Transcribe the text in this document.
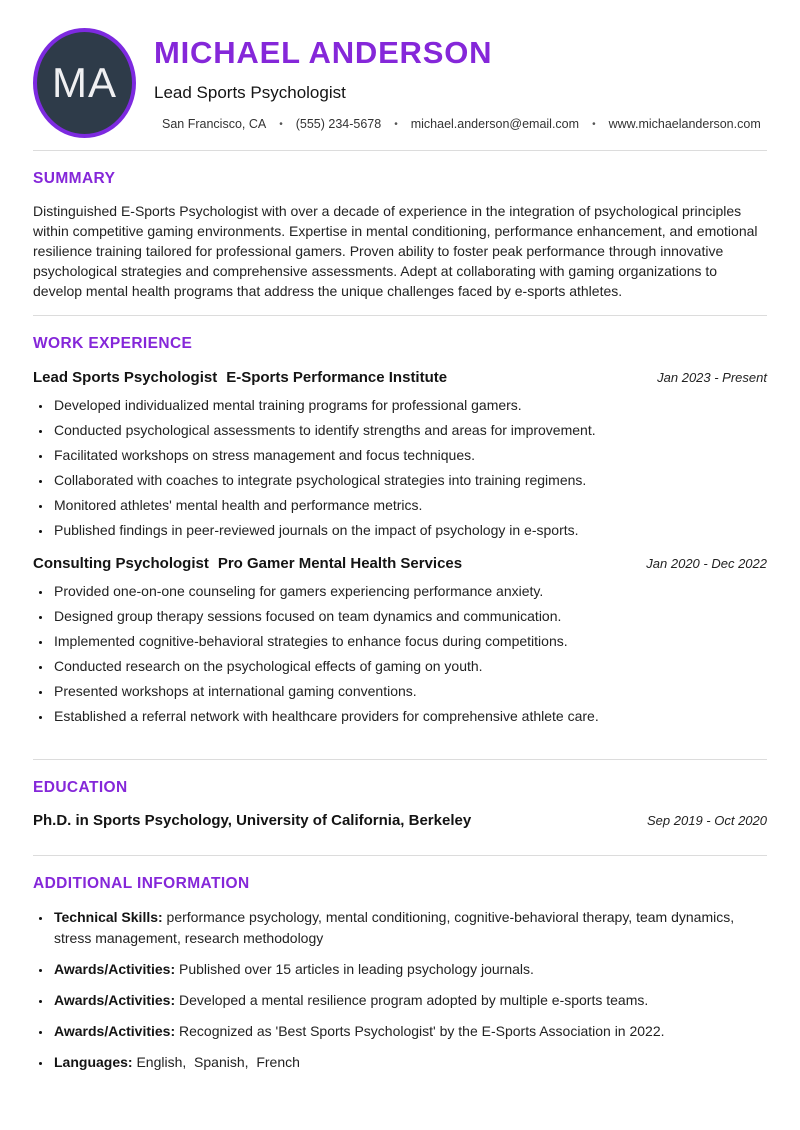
MA
MICHAEL ANDERSON
Lead Sports Psychologist
San Francisco, CA • (555) 234-5678 • michael.anderson@email.com • www.michaelanderson.com
SUMMARY

Distinguished E-Sports Psychologist with over a decade of experience in the integration of psychological principles within competitive gaming environments. Expertise in mental conditioning, performance enhancement, and emotional resilience training tailored for professional gamers. Proven ability to foster peak performance through innovative psychological strategies and comprehensive assessments. Adept at collaborating with gaming organizations to develop mental health programs that address the unique challenges faced by e-sports athletes.

WORK EXPERIENCE
Lead Sports Psychologist E-Sports Performance Institute	Jan 2023 - Present
• Developed individualized mental training programs for professional gamers.
• Conducted psychological assessments to identify strengths and areas for improvement.
• Facilitated workshops on stress management and focus techniques.
• Collaborated with coaches to integrate psychological strategies into training regimens.
• Monitored athletes' mental health and performance metrics.
• Published findings in peer-reviewed journals on the impact of psychology in e-sports.
Consulting Psychologist Pro Gamer Mental Health Services	Jan 2020 - Dec 2022
• Provided one-on-one counseling for gamers experiencing performance anxiety.
• Designed group therapy sessions focused on team dynamics and communication.
• Implemented cognitive-behavioral strategies to enhance focus during competitions.
• Conducted research on the psychological effects of gaming on youth.
• Presented workshops at international gaming conventions.
• Established a referral network with healthcare providers for comprehensive athlete care.
EDUCATION
Ph.D. in Sports Psychology, University of California, Berkeley	Sep 2019 - Oct 2020
ADDITIONAL INFORMATION
• Technical Skills: performance psychology, mental conditioning, cognitive-behavioral therapy, team dynamics, stress management, research methodology
• Awards/Activities: Published over 15 articles in leading psychology journals.
• Awards/Activities: Developed a mental resilience program adopted by multiple e-sports teams.
• Awards/Activities: Recognized as 'Best Sports Psychologist' by the E-Sports Association in 2022.
• Languages: English,  Spanish,  French
